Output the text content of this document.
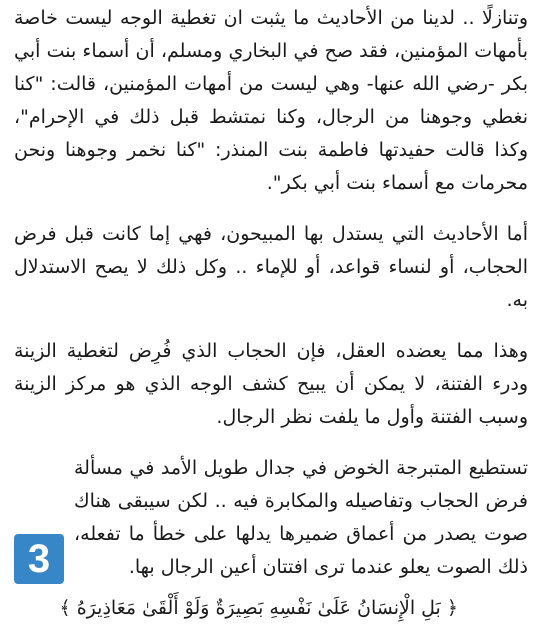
وتنازلًا .. لدينا من الأحاديث ما يثبت ان تغطية الوجه ليست خاصة بأمهات المؤمنين، فقد صح في البخاري ومسلم، أن أسماء بنت أبي بكر -رضي الله عنها- وهي ليست من أمهات المؤمنين، قالت: "كنا نغطي وجوهنا من الرجال، وكنا نمتشط قبل ذلك في الإحرام"، وكذا قالت حفيدتها فاطمة بنت المنذر: "كنا نخمر وجوهنا ونحن محرمات مع أسماء بنت أبي بكر".

أما الأحاديث التي يستدل بها المبيحون، فهي إما كانت قبل فرض الحجاب، أو لنساء قواعد، أو للإماء .. وكل ذلك لا يصح الاستدلال به.

وهذا مما يعضده العقل، فإن الحجاب الذي فُرِض لتغطية الزينة ودرء الفتنة، لا يمكن أن يبيح كشف الوجه الذي هو مركز الزينة وسبب الفتنة وأول ما يلفت نظر الرجال.

تستطيع المتبرجة الخوض في جدال طويل الأمد في مسألة فرض الحجاب وتفاصيله والمكابرة فيه .. لكن سيبقى هناك صوت يصدر من أعماق ضميرها يدلها على خطأ ما تفعله، ذلك الصوت يعلو عندما ترى افتتان أعين الرجال بها.

﴿ بَلِ الْإِنسَانُ عَلَىٰ نَفْسِهِ بَصِيرَةٌ وَلَوْ أَلْقَىٰ مَعَاذِيرَهُ ﴾

3
